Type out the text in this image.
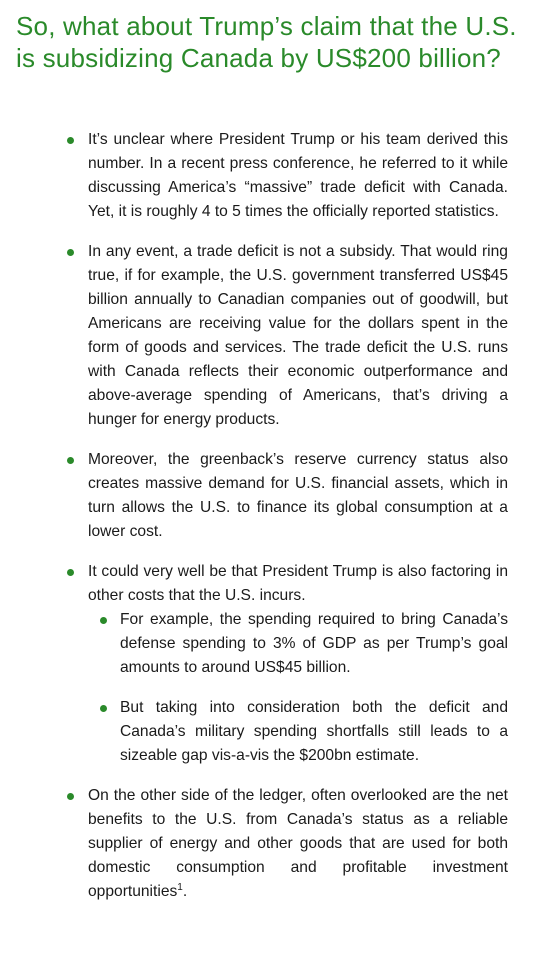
So, what about Trump’s claim that the U.S. is subsidizing Canada by US$200 billion?
It’s unclear where President Trump or his team derived this number. In a recent press conference, he referred to it while discussing America’s “massive” trade deficit with Canada. Yet, it is roughly 4 to 5 times the officially reported statistics.
In any event, a trade deficit is not a subsidy. That would ring true, if for example, the U.S. government transferred US$45 billion annually to Canadian companies out of goodwill, but Americans are receiving value for the dollars spent in the form of goods and services. The trade deficit the U.S. runs with Canada reflects their economic outperformance and above-average spending of Americans, that’s driving a hunger for energy products.
Moreover, the greenback’s reserve currency status also creates massive demand for U.S. financial assets, which in turn allows the U.S. to finance its global consumption at a lower cost.
It could very well be that President Trump is also factoring in other costs that the U.S. incurs.
For example, the spending required to bring Canada’s defense spending to 3% of GDP as per Trump’s goal amounts to around US$45 billion.
But taking into consideration both the deficit and Canada’s military spending shortfalls still leads to a sizeable gap vis-a-vis the $200bn estimate.
On the other side of the ledger, often overlooked are the net benefits to the U.S. from Canada’s status as a reliable supplier of energy and other goods that are used for both domestic consumption and profitable investment opportunities$^1$.
